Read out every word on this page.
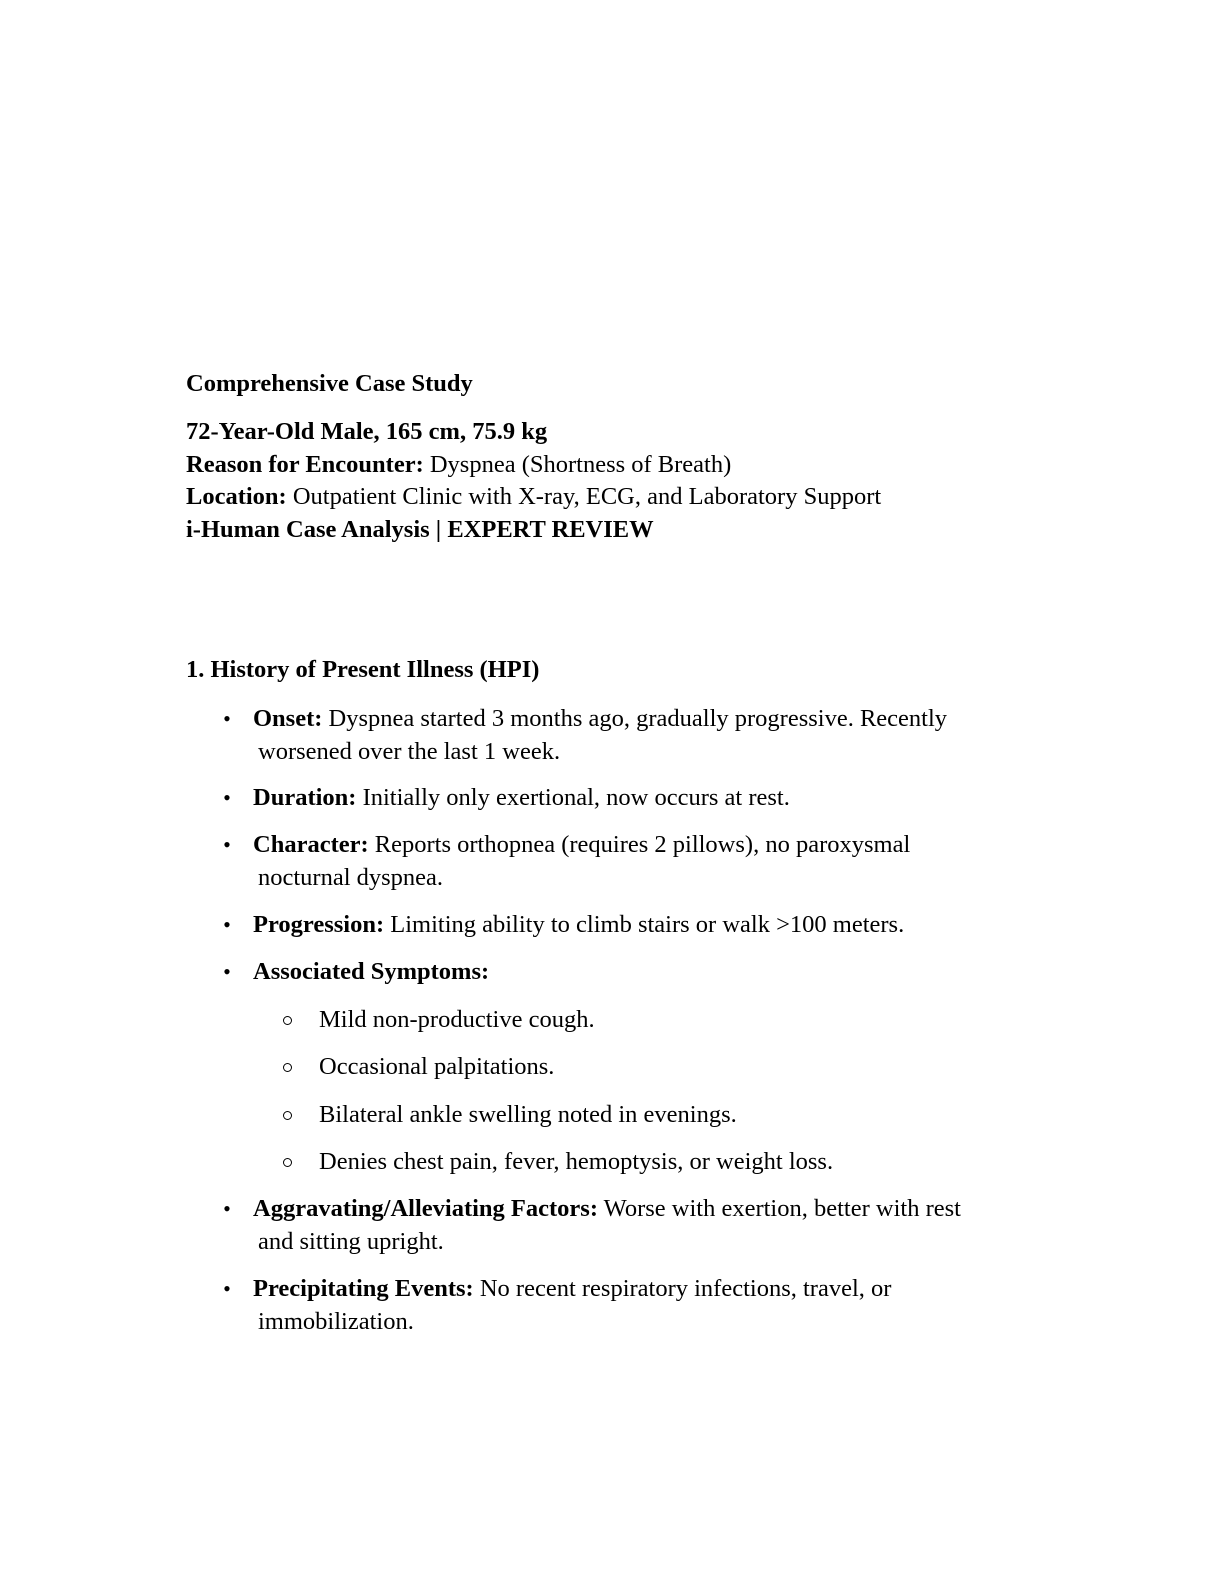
Comprehensive Case Study
72-Year-Old Male, 165 cm, 75.9 kg
Reason for Encounter: Dyspnea (Shortness of Breath)
Location: Outpatient Clinic with X-ray, ECG, and Laboratory Support
i-Human Case Analysis | EXPERT REVIEW
1. History of Present Illness (HPI)
• Onset: Dyspnea started 3 months ago, gradually progressive. Recently
worsened over the last 1 week.
• Duration: Initially only exertional, now occurs at rest.
• Character: Reports orthopnea (requires 2 pillows), no paroxysmal
nocturnal dyspnea.
• Progression: Limiting ability to climb stairs or walk >100 meters.
• Associated Symptoms:
Mild non-productive cough.
Occasional palpitations.
Bilateral ankle swelling noted in evenings.
Denies chest pain, fever, hemoptysis, or weight loss.
• Aggravating/Alleviating Factors: Worse with exertion, better with rest
and sitting upright.
• Precipitating Events: No recent respiratory infections, travel, or
immobilization.
